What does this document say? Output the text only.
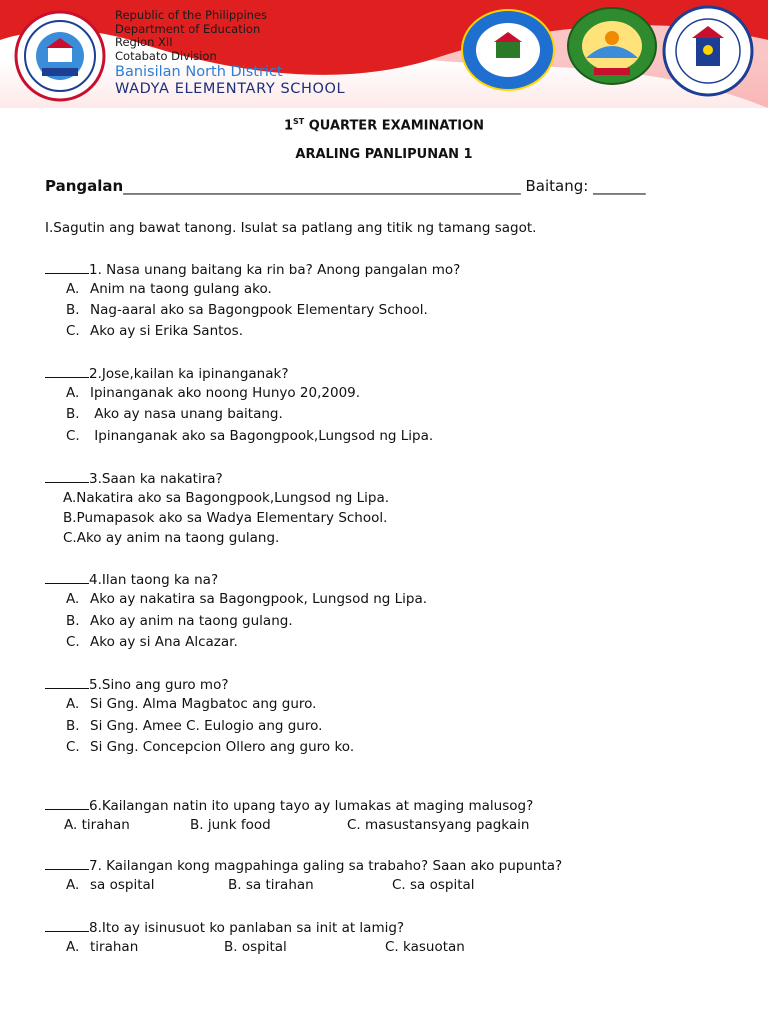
Republic of the Philippines
Department of Education
Region XII
Cotabato Division
Banisilan North District
WADYA ELEMENTARY SCHOOL
1ST QUARTER EXAMINATION
ARALING PANLIPUNAN 1
Pangalan_____________________________________________________ Baitang: _______
I.Sagutin ang bawat tanong. Isulat sa patlang ang titik ng tamang sagot.
1. Nasa unang baitang ka rin ba? Anong pangalan mo?
A. Anim na taong gulang ako.
B. Nag-aaral ako sa Bagongpook Elementary School.
C. Ako ay si Erika Santos.
2.Jose,kailan ka ipinanganak?
A. Ipinanganak ako noong Hunyo 20,2009.
B. Ako ay nasa unang baitang.
C. Ipinanganak ako sa Bagongpook,Lungsod ng Lipa.
3.Saan ka nakatira?
A.Nakatira ako sa Bagongpook,Lungsod ng Lipa.
B.Pumapasok ako sa Wadya Elementary School.
C.Ako ay anim na taong gulang.
4.Ilan taong ka na?
A. Ako ay nakatira sa Bagongpook, Lungsod ng Lipa.
B. Ako ay anim na taong gulang.
C. Ako ay si Ana Alcazar.
5.Sino ang guro mo?
A. Si Gng. Alma Magbatoc ang guro.
B. Si Gng. Amee C. Eulogio ang guro.
C. Si Gng. Concepcion Ollero ang guro ko.
6.Kailangan natin ito upang tayo ay lumakas at maging malusog?
A. tirahan	B. junk food	C. masustansyang pagkain
7. Kailangan kong magpahinga galing sa trabaho? Saan ako pupunta?
A. sa ospital	B. sa tirahan	C. sa ospital
8.Ito ay isinusuot ko panlaban sa init at lamig?
A. tirahan	B. ospital	C. kasuotan
